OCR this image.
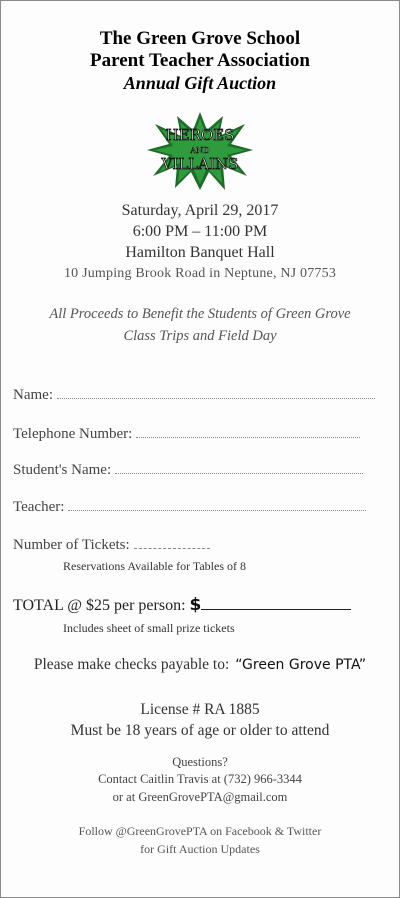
The Green Grove School
Parent Teacher Association
Annual Gift Auction
HEROES
AND
VILLAINS
Saturday, April 29, 2017
6:00 PM – 11:00 PM
Hamilton Banquet Hall
10 Jumping Brook Road in Neptune, NJ 07753
All Proceeds to Benefit the Students of Green Grove
Class Trips and Field Day
Name:
Telephone Number:
Student's Name:
Teacher:
Number of Tickets:
Reservations Available for Tables of 8
TOTAL @ $25 per person: $
Includes sheet of small prize tickets
Please make checks payable to: “Green Grove PTA”
License # RA 1885
Must be 18 years of age or older to attend
Questions?
Contact Caitlin Travis at (732) 966-3344
or at GreenGrovePTA@gmail.com
Follow @GreenGrovePTA on Facebook & Twitter
for Gift Auction Updates
